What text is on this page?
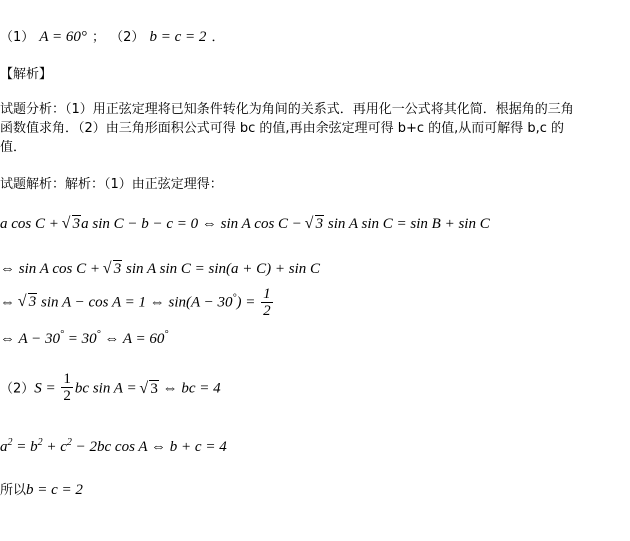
（1） A = 60° ； （2） b = c = 2 ．
【解析】
试题分析：（1）用正弦定理将已知条件转化为角间的关系式．再用化一公式将其化简．根据角的三角
函数值求角．（2）由三角形面积公式可得 bc 的值,再由余弦定理可得 b+c 的值,从而可解得 b,c 的
值．
试题解析：解析：（1）由正弦定理得：
a cos C + √ 3a sin C − b − c = 0 ⇔ sin A cos C − √ 3 sin A sin C = sin B + sin C
⇔ sin A cos C + √ 3 sin A sin C = sin(a + C) + sin C
⇔ √ 3 sin A − cos A = 1 ⇔ $\sin(A - 30^\circ) = \frac{1}{2}$
⇔ A − 30° = 30° ⇔ A = 60°
$(2)S = \frac{1}{2}$ bc sin A = √ 3 ⇔ bc = 4
$a^2 = b^2 + c^2 - 2bc$ cos A ⇔ b + c = 4
所以b = c = 2
